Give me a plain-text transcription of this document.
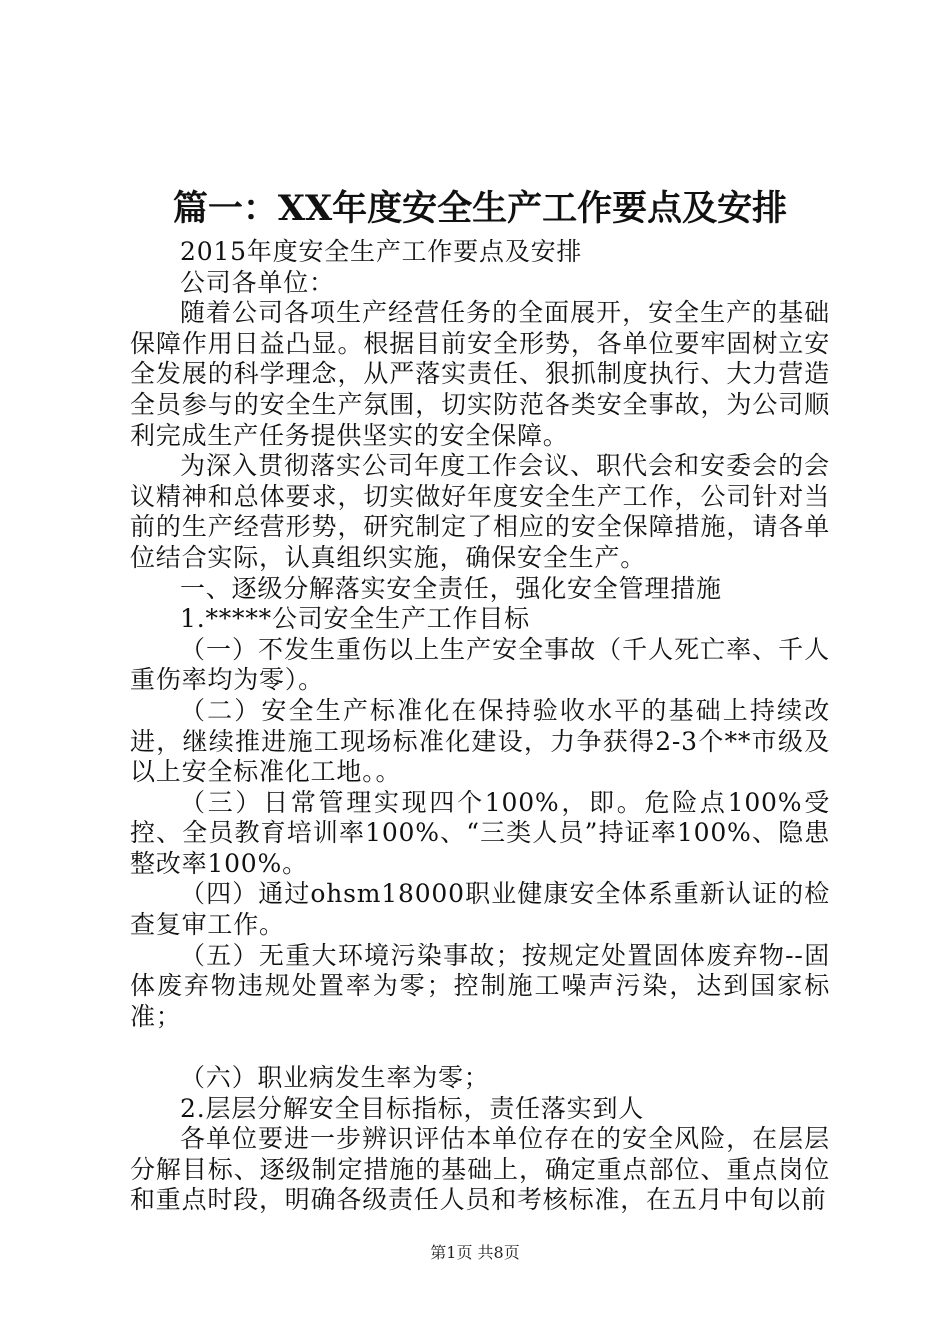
篇一：XX年度安全生产工作要点及安排

2015年度安全生产工作要点及安排

公司各单位：

随着公司各项生产经营任务的全面展开，安全生产的基础保障作用日益凸显。根据目前安全形势，各单位要牢固树立安全发展的科学理念，从严落实责任、狠抓制度执行、大力营造全员参与的安全生产氛围，切实防范各类安全事故，为公司顺利完成生产任务提供坚实的安全保障。

为深入贯彻落实公司年度工作会议、职代会和安委会的会议精神和总体要求，切实做好年度安全生产工作，公司针对当前的生产经营形势，研究制定了相应的安全保障措施，请各单位结合实际，认真组织实施，确保安全生产。

一、逐级分解落实安全责任，强化安全管理措施

1.*****公司安全生产工作目标

（一）不发生重伤以上生产安全事故（千人死亡率、千人重伤率均为零）。

（二）安全生产标准化在保持验收水平的基础上持续改进，继续推进施工现场标准化建设，力争获得2-3个**市级及以上安全标准化工地。。

（三）日常管理实现四个100%，即。危险点100%受控、全员教育培训率100%、“三类人员”持证率100%、隐患整改率100%。

（四）通过ohsm18000职业健康安全体系重新认证的检查复审工作。

（五）无重大环境污染事故；按规定处置固体废弃物--固体废弃物违规处置率为零；控制施工噪声污染，达到国家标准；

（六）职业病发生率为零；

2.层层分解安全目标指标，责任落实到人

各单位要进一步辨识评估本单位存在的安全风险，在层层分解目标、逐级制定措施的基础上，确定重点部位、重点岗位和重点时段，明确各级责任人员和考核标准，在五月中旬以前

第1页 共8页
